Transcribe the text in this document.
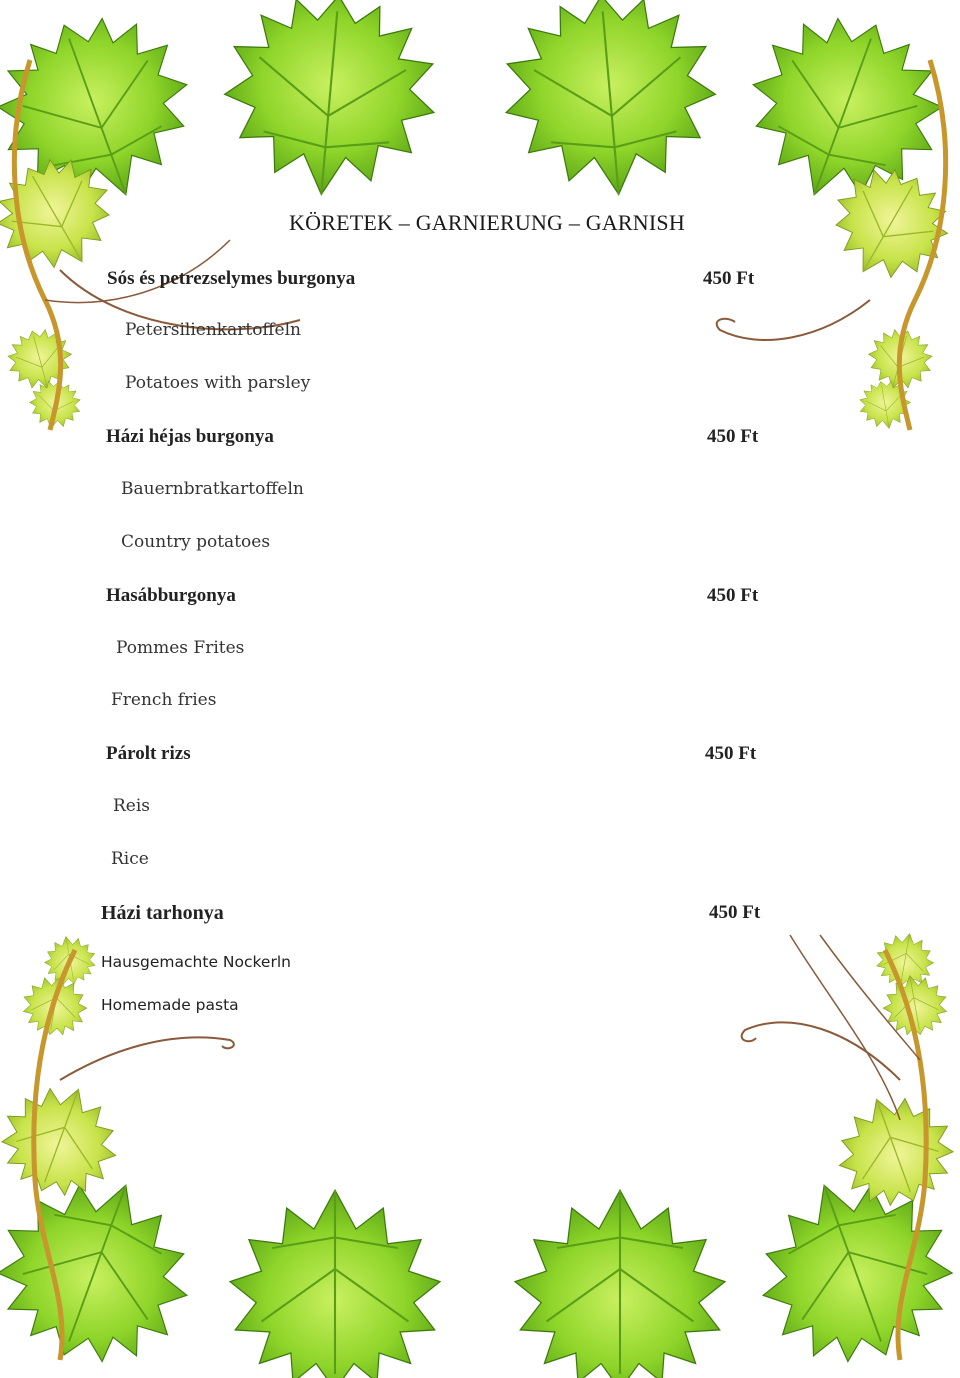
KÖRETEK – GARNIERUNG – GARNISH
Sós és petrezselymes burgonya	450 Ft
Petersilienkartoffeln
Potatoes with parsley
Házi héjas burgonya	450 Ft
Bauernbratkartoffeln
Country potatoes
Hasábburgonya	450 Ft
Pommes Frites
French fries
Párolt rizs	450 Ft
Reis
Rice
Házi tarhonya	450 Ft
Hausgemachte Nockerln
Homemade pasta
